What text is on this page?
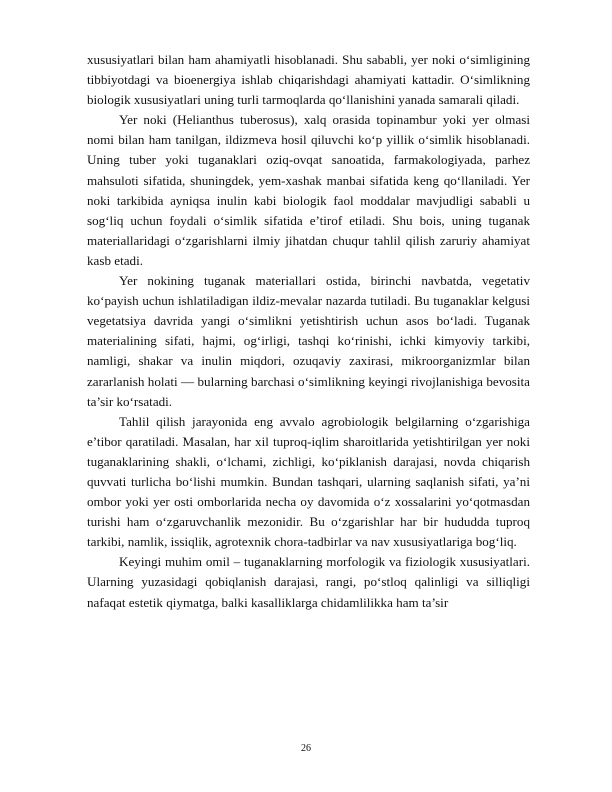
xususiyatlari bilan ham ahamiyatli hisoblanadi. Shu sababli, yer noki o‘simligining tibbiyotdagi va bioenergiya ishlab chiqarishdagi ahamiyati kattadir. O‘simlikning biologik xususiyatlari uning turli tarmoqlarda qo‘llanishini yanada samarali qiladi.

Yer noki (Helianthus tuberosus), xalq orasida topinambur yoki yer olmasi nomi bilan ham tanilgan, ildizmeva hosil qiluvchi ko‘p yillik o‘simlik hisoblanadi. Uning tuber yoki tuganaklari oziq-ovqat sanoatida, farmakologiyada, parhez mahsuloti sifatida, shuningdek, yem-xashak manbai sifatida keng qo‘llaniladi. Yer noki tarkibida ayniqsa inulin kabi biologik faol moddalar mavjudligi sababli u sog‘liq uchun foydali o‘simlik sifatida e’tirof etiladi. Shu bois, uning tuganak materiallaridagi o‘zgarishlarni ilmiy jihatdan chuqur tahlil qilish zaruriy ahamiyat kasb etadi.

Yer nokining tuganak materiallari ostida, birinchi navbatda, vegetativ ko‘payish uchun ishlatiladigan ildiz-mevalar nazarda tutiladi. Bu tuganaklar kelgusi vegetatsiya davrida yangi o‘simlikni yetishtirish uchun asos bo‘ladi. Tuganak materialining sifati, hajmi, og‘irligi, tashqi ko‘rinishi, ichki kimyoviy tarkibi, namligi, shakar va inulin miqdori, ozuqaviy zaxirasi, mikroorganizmlar bilan zararlanish holati — bularning barchasi o‘simlikning keyingi rivojlanishiga bevosita ta’sir ko‘rsatadi.

Tahlil qilish jarayonida eng avvalo agrobiologik belgilarning o‘zgarishiga e’tibor qaratiladi. Masalan, har xil tuproq-iqlim sharoitlarida yetishtirilgan yer noki tuganaklarining shakli, o‘lchami, zichligi, ko‘piklanish darajasi, novda chiqarish quvvati turlicha bo‘lishi mumkin. Bundan tashqari, ularning saqlanish sifati, ya’ni ombor yoki yer osti omborlarida necha oy davomida o‘z xossalarini yo‘qotmasdan turishi ham o‘zgaruvchanlik mezonidir. Bu o‘zgarishlar har bir hududda tuproq tarkibi, namlik, issiqlik, agrotexnik chora-tadbirlar va nav xususiyatlariga bog‘liq.

Keyingi muhim omil – tuganaklarning morfologik va fiziologik xususiyatlari. Ularning yuzasidagi qobiqlanish darajasi, rangi, po‘stloq qalinligi va silliqligi nafaqat estetik qiymatga, balki kasalliklarga chidamlilikka ham ta’sir

26
